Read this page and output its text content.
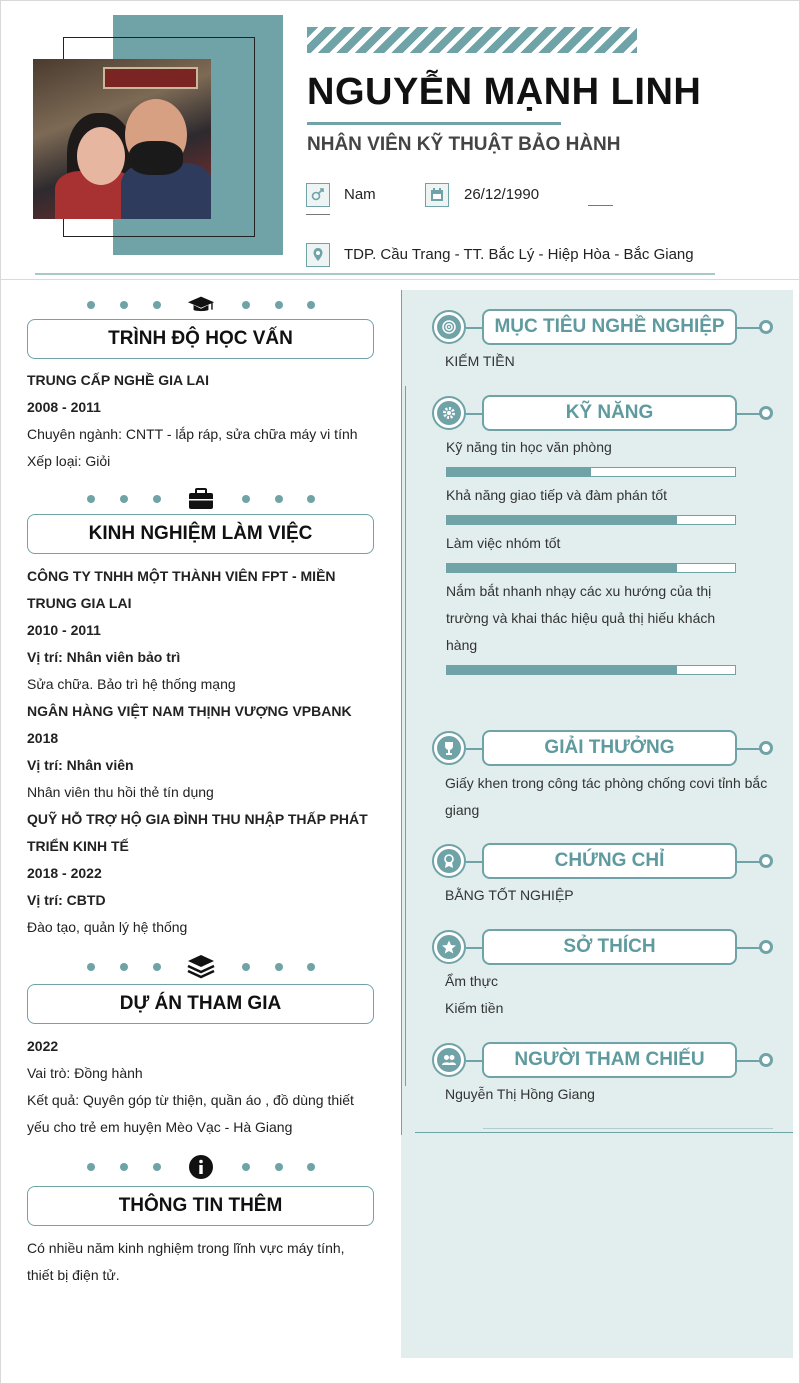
NGUYỄN MẠNH LINH
NHÂN VIÊN KỸ THUẬT BẢO HÀNH
Nam	26/12/1990
TDP. Cầu Trang - TT. Bắc Lý - Hiệp Hòa - Bắc Giang
MỤC TIÊU NGHỀ NGHIỆP
KIẾM TIỀN
KỸ NĂNG
Kỹ năng tin học văn phòng
Khả năng giao tiếp và đàm phán tốt
Làm việc nhóm tốt
Nắm bắt nhanh nhạy các xu hướng của thị
trường và khai thác hiệu quả thị hiếu khách
hàng
GIẢI THƯỞNG
Giấy khen trong công tác phòng chống covi tỉnh bắc
giang
CHỨNG CHỈ
BẰNG TỐT NGHIỆP
SỞ THÍCH
Ẩm thực
Kiếm tiền
NGƯỜI THAM CHIẾU
Nguyễn Thị Hồng Giang
TRÌNH ĐỘ HỌC VẤN
TRUNG CẤP NGHỀ GIA LAI
2008 - 2011
Chuyên ngành: CNTT - lắp ráp, sửa chữa máy vi tính
Xếp loại: Giỏi
KINH NGHIỆM LÀM VIỆC
CÔNG TY TNHH MỘT THÀNH VIÊN FPT - MIỀN
TRUNG GIA LAI
2010 - 2011
Vị trí: Nhân viên bảo trì
Sửa chữa. Bảo trì hệ thống mạng
NGÂN HÀNG VIỆT NAM THỊNH VƯỢNG VPBANK
2018
Vị trí: Nhân viên
Nhân viên thu hồi thẻ tín dụng
QUỸ HỖ TRỢ HỘ GIA ĐÌNH THU NHẬP THẤP PHÁT
TRIỂN KINH TẾ
2018 - 2022
Vị trí: CBTD
Đào tạo, quản lý hệ thống
DỰ ÁN THAM GIA
2022
Vai trò: Đồng hành
Kết quả: Quyên góp từ thiện, quần áo , đồ dùng thiết
yếu cho trẻ em huyện Mèo Vạc - Hà Giang
THÔNG TIN THÊM
Có nhiều năm kinh nghiệm trong lĩnh vực máy tính,
thiết bị điện tử.
